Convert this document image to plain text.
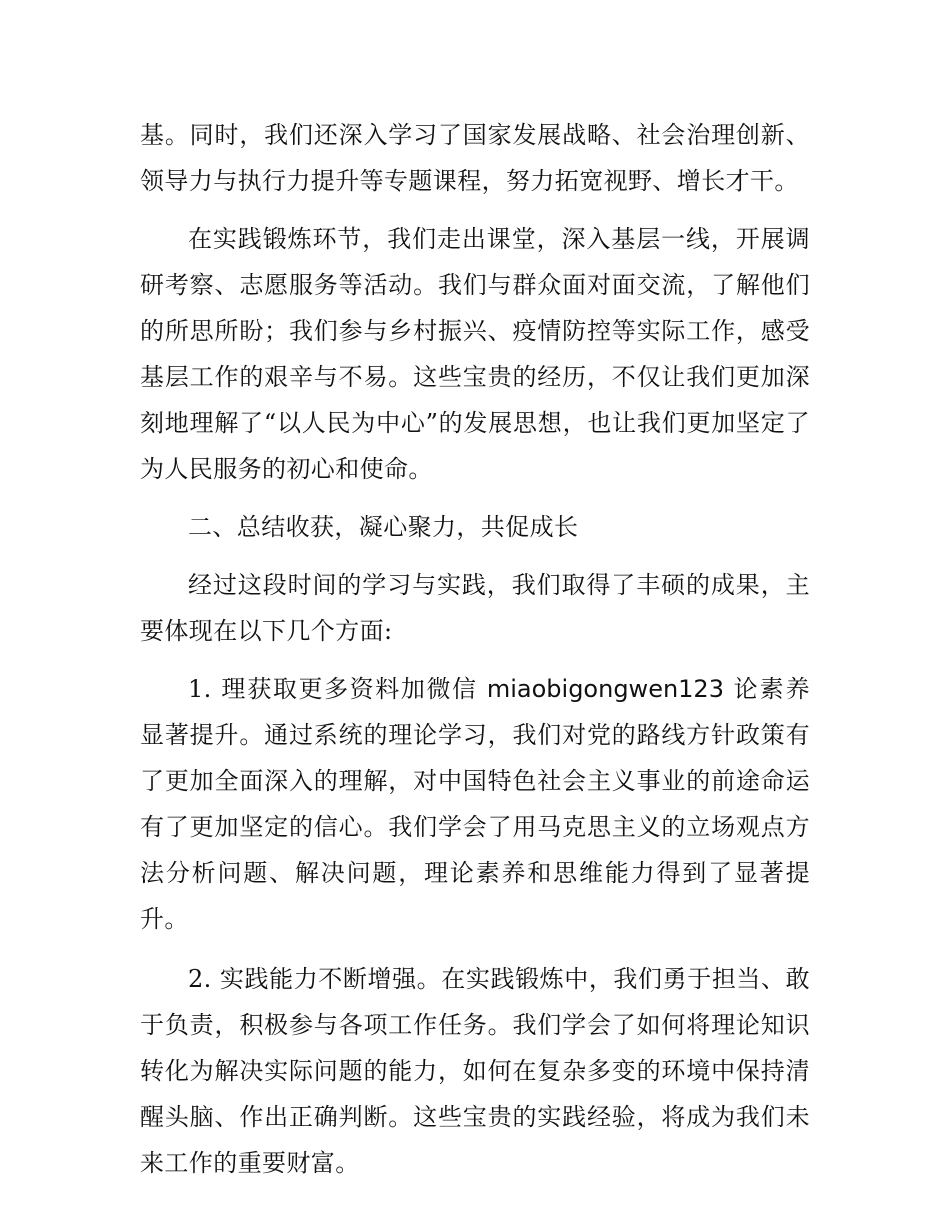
基。同时，我们还深入学习了国家发展战略、社会治理创新、领导力与执行力提升等专题课程，努力拓宽视野、增长才干。

在实践锻炼环节，我们走出课堂，深入基层一线，开展调研考察、志愿服务等活动。我们与群众面对面交流，了解他们的所思所盼；我们参与乡村振兴、疫情防控等实际工作，感受基层工作的艰辛与不易。这些宝贵的经历，不仅让我们更加深刻地理解了“以人民为中心”的发展思想，也让我们更加坚定了为人民服务的初心和使命。

二、总结收获，凝心聚力，共促成长

经过这段时间的学习与实践，我们取得了丰硕的成果，主要体现在以下几个方面:

1. 理获取更多资料加微信 miaobigongwen123 论素养显著提升。通过系统的理论学习，我们对党的路线方针政策有了更加全面深入的理解，对中国特色社会主义事业的前途命运有了更加坚定的信心。我们学会了用马克思主义的立场观点方法分析问题、解决问题，理论素养和思维能力得到了显著提升。

2. 实践能力不断增强。在实践锻炼中，我们勇于担当、敢于负责，积极参与各项工作任务。我们学会了如何将理论知识转化为解决实际问题的能力，如何在复杂多变的环境中保持清醒头脑、作出正确判断。这些宝贵的实践经验，将成为我们未来工作的重要财富。
